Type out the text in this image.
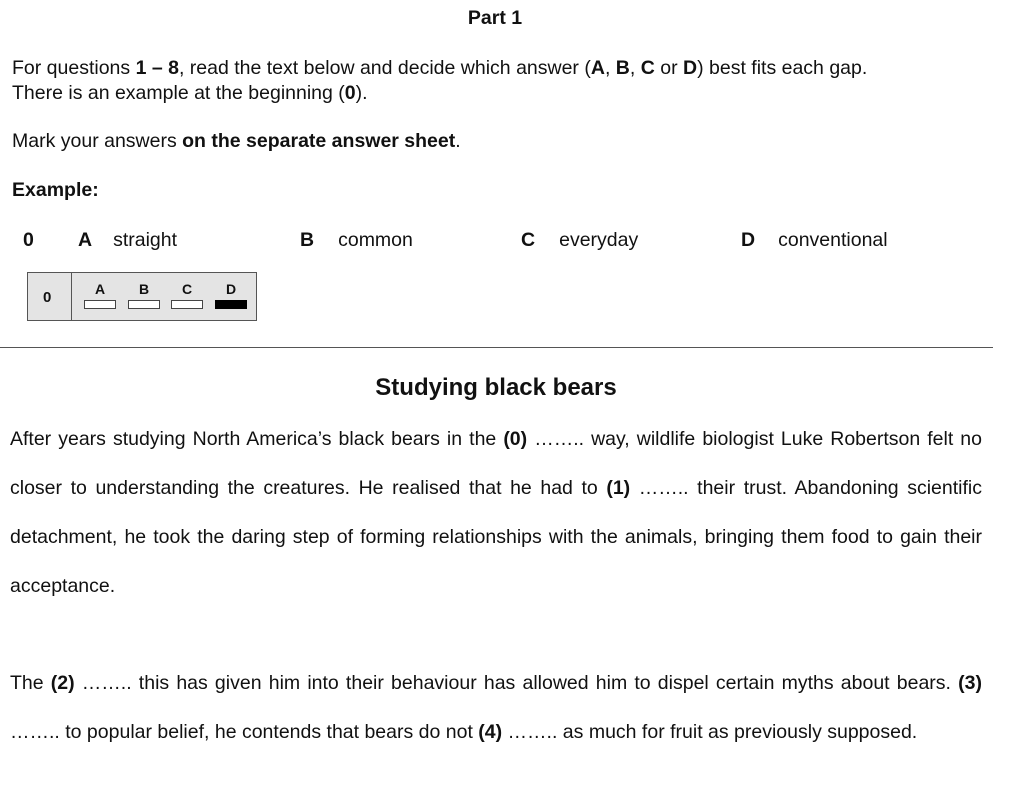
Part 1
For questions 1 – 8, read the text below and decide which answer (A, B, C or D) best fits each gap.
There is an example at the beginning (0).
Mark your answers on the separate answer sheet.
Example:
0 A straight	B common	C everyday	D conventional
0	A	B	C	D
Studying black bears
After years studying North America’s black bears in the (0) …….. way, wildlife biologist Luke Robertson felt no closer to understanding the creatures. He realised that he had to (1) …….. their trust. Abandoning scientific detachment, he took the daring step of forming relationships with the animals, bringing them food to gain their acceptance.
The (2) …….. this has given him into their behaviour has allowed him to dispel certain myths about bears. (3) …….. to popular belief, he contends that bears do not (4) …….. as much for fruit as previously supposed.
